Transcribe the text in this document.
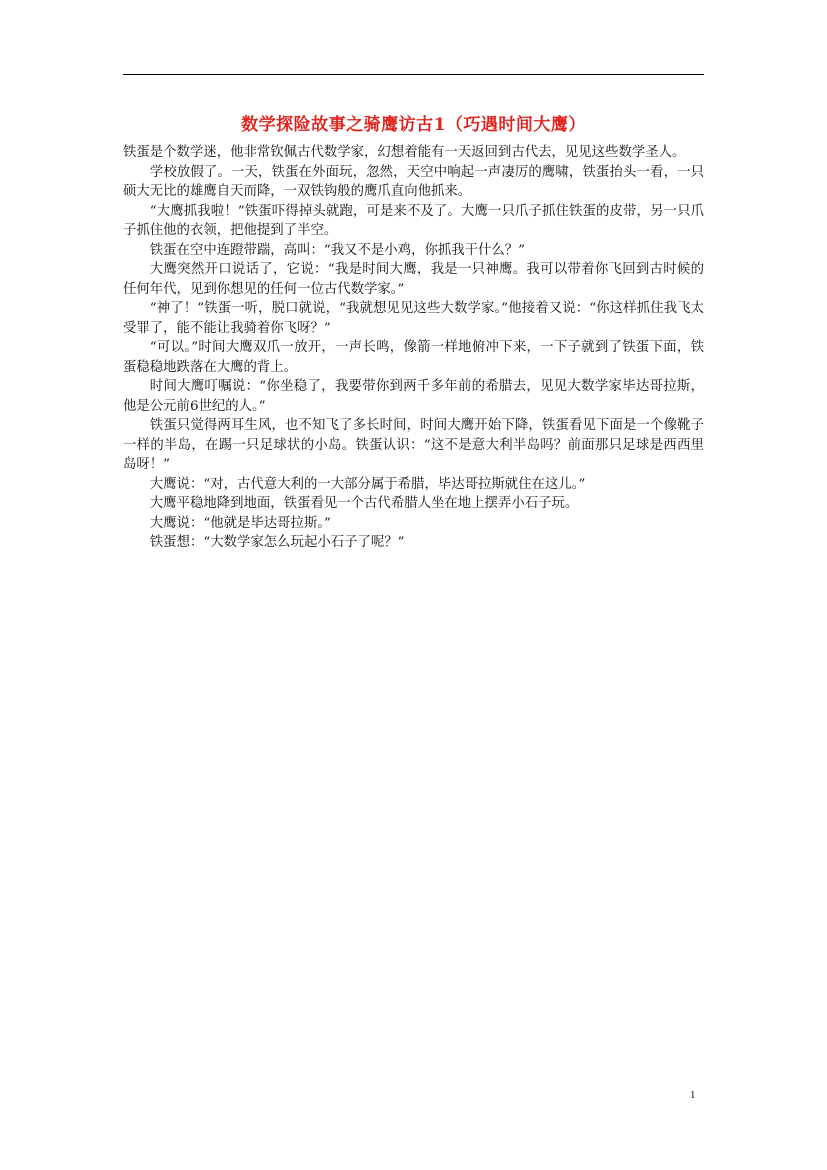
数学探险故事之骑鹰访古1（巧遇时间大鹰）

铁蛋是个数学迷，他非常钦佩古代数学家，幻想着能有一天返回到古代去，见见这些数学圣人。

学校放假了。一天，铁蛋在外面玩，忽然，天空中响起一声凄厉的鹰啸，铁蛋抬头一看，一只硕大无比的雄鹰自天而降，一双铁钩般的鹰爪直向他抓来。

“大鹰抓我啦！”铁蛋吓得掉头就跑，可是来不及了。大鹰一只爪子抓住铁蛋的皮带，另一只爪子抓住他的衣领，把他提到了半空。

铁蛋在空中连蹬带踹，高叫：“我又不是小鸡，你抓我干什么？”

大鹰突然开口说话了，它说：“我是时间大鹰，我是一只神鹰。我可以带着你飞回到古时候的任何年代，见到你想见的任何一位古代数学家。”

“神了！”铁蛋一听，脱口就说，“我就想见见这些大数学家。”他接着又说：“你这样抓住我飞太受罪了，能不能让我骑着你飞呀？”

“可以。”时间大鹰双爪一放开，一声长鸣，像箭一样地俯冲下来，一下子就到了铁蛋下面，铁蛋稳稳地跌落在大鹰的背上。

时间大鹰叮嘱说：“你坐稳了，我要带你到两千多年前的希腊去，见见大数学家毕达哥拉斯，他是公元前6世纪的人。”

铁蛋只觉得两耳生风，也不知飞了多长时间，时间大鹰开始下降，铁蛋看见下面是一个像靴子一样的半岛，在踢一只足球状的小岛。铁蛋认识：“这不是意大利半岛吗？前面那只足球是西西里岛呀！”

大鹰说：“对，古代意大利的一大部分属于希腊，毕达哥拉斯就住在这儿。”

大鹰平稳地降到地面，铁蛋看见一个古代希腊人坐在地上摆弄小石子玩。

大鹰说：“他就是毕达哥拉斯。”

铁蛋想：“大数学家怎么玩起小石子了呢？”

1
